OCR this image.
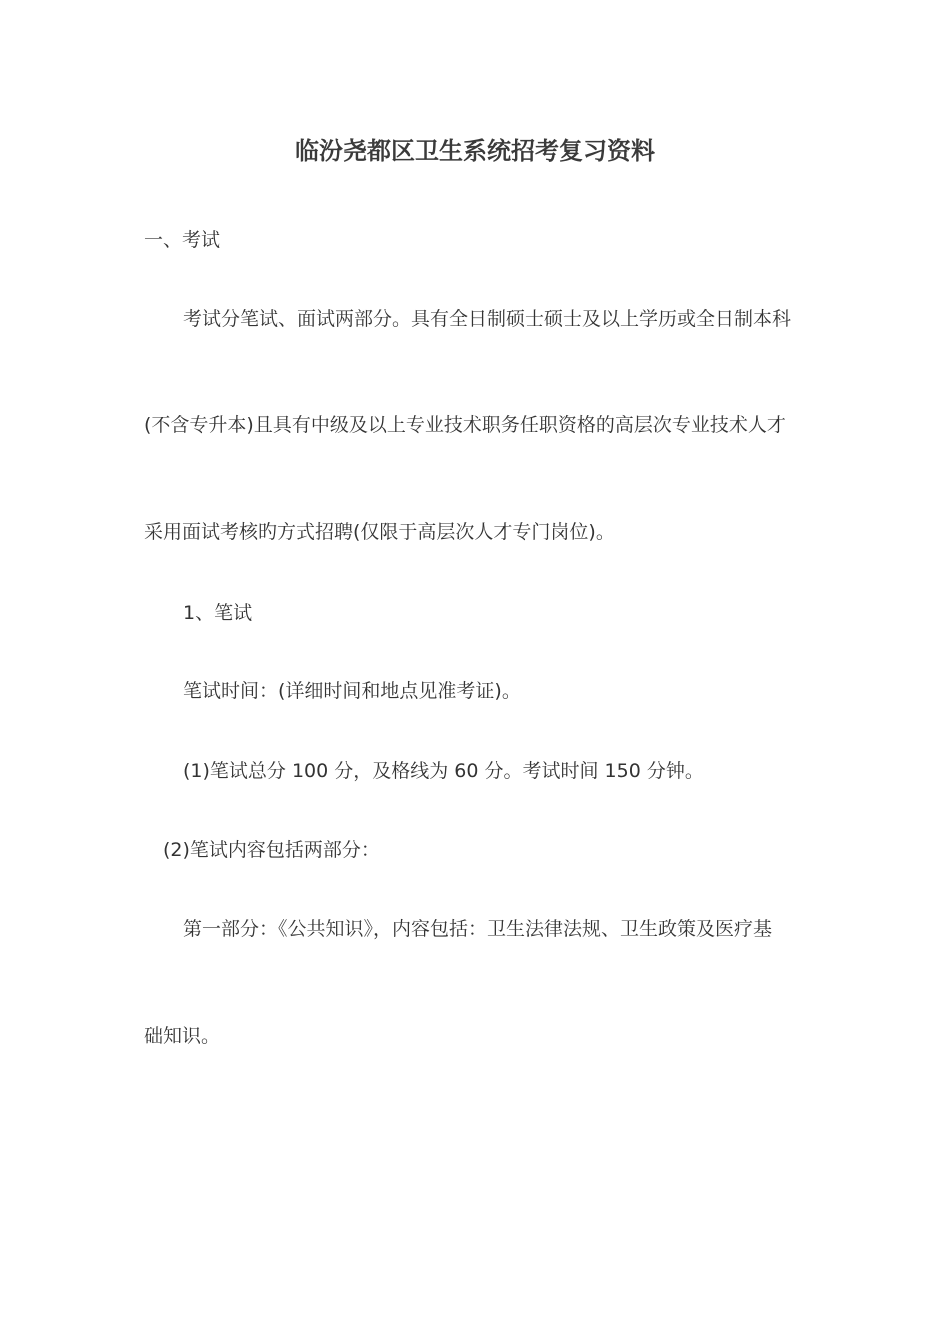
临汾尧都区卫生系统招考复习资料
一、考试
考试分笔试、面试两部分。具有全日制硕士硕士及以上学历或全日制本科
(不含专升本)且具有中级及以上专业技术职务任职资格的高层次专业技术人才
采用面试考核旳方式招聘(仅限于高层次人才专门岗位)。
1、笔试
笔试时间：(详细时间和地点见准考证)。
(1)笔试总分 100 分，及格线为 60 分。考试时间 150 分钟。
(2)笔试内容包括两部分：
第一部分：《公共知识》，内容包括：卫生法律法规、卫生政策及医疗基
础知识。
